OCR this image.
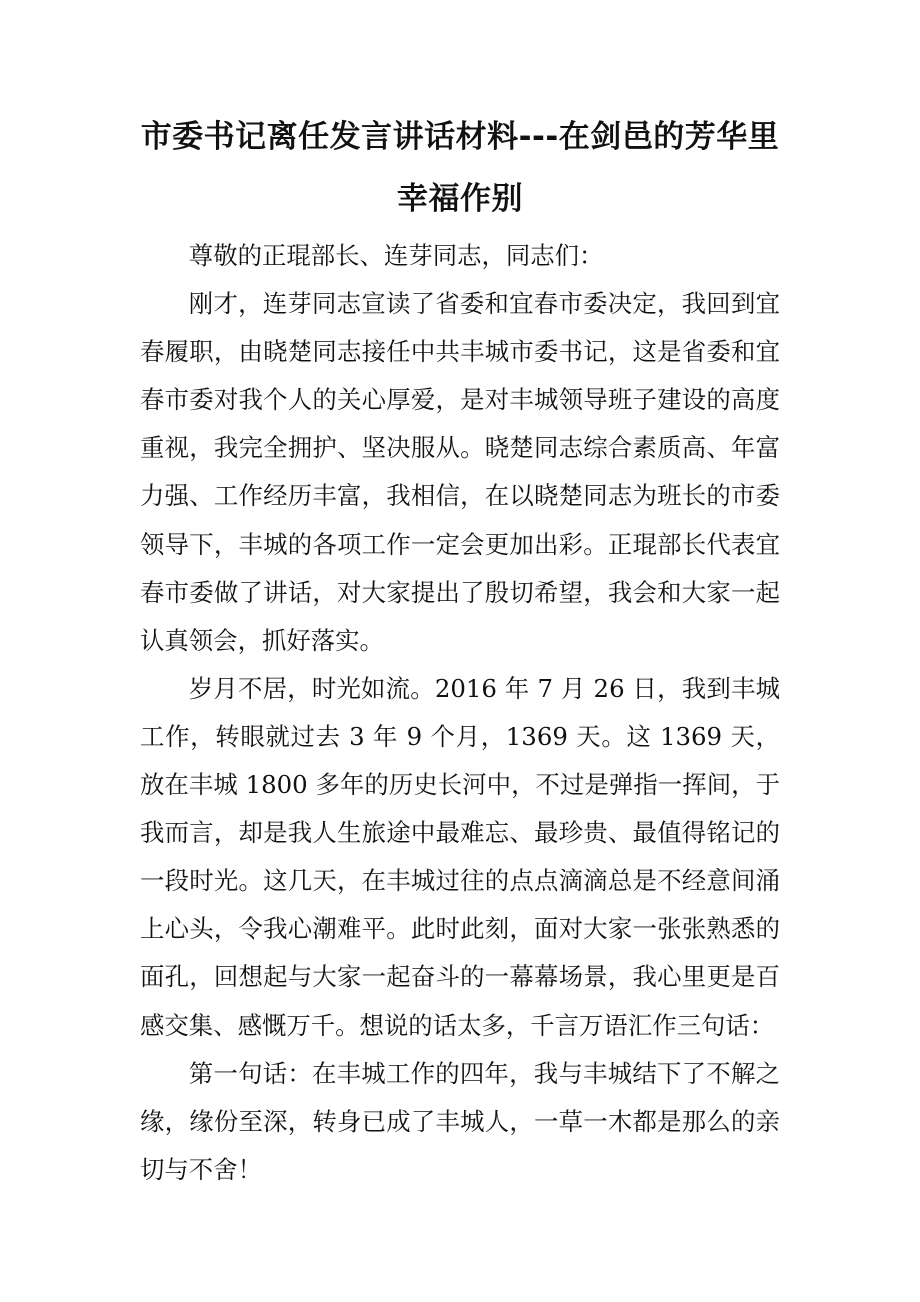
市委书记离任发言讲话材料---在剑邑的芳华里幸福作别

尊敬的正琨部长、连芽同志，同志们：

刚才，连芽同志宣读了省委和宜春市委决定，我回到宜春履职，由晓楚同志接任中共丰城市委书记，这是省委和宜春市委对我个人的关心厚爱，是对丰城领导班子建设的高度重视，我完全拥护、坚决服从。晓楚同志综合素质高、年富力强、工作经历丰富，我相信，在以晓楚同志为班长的市委领导下，丰城的各项工作一定会更加出彩。正琨部长代表宜春市委做了讲话，对大家提出了殷切希望，我会和大家一起认真领会，抓好落实。

岁月不居，时光如流。2016 年 7 月 26 日，我到丰城工作，转眼就过去 3 年 9 个月，1369 天。这 1369 天，放在丰城 1800 多年的历史长河中，不过是弹指一挥间，于我而言，却是我人生旅途中最难忘、最珍贵、最值得铭记的一段时光。这几天，在丰城过往的点点滴滴总是不经意间涌上心头，令我心潮难平。此时此刻，面对大家一张张熟悉的面孔，回想起与大家一起奋斗的一幕幕场景，我心里更是百感交集、感慨万千。想说的话太多，千言万语汇作三句话：

第一句话：在丰城工作的四年，我与丰城结下了不解之缘，缘份至深，转身已成了丰城人，一草一木都是那么的亲切与不舍！
